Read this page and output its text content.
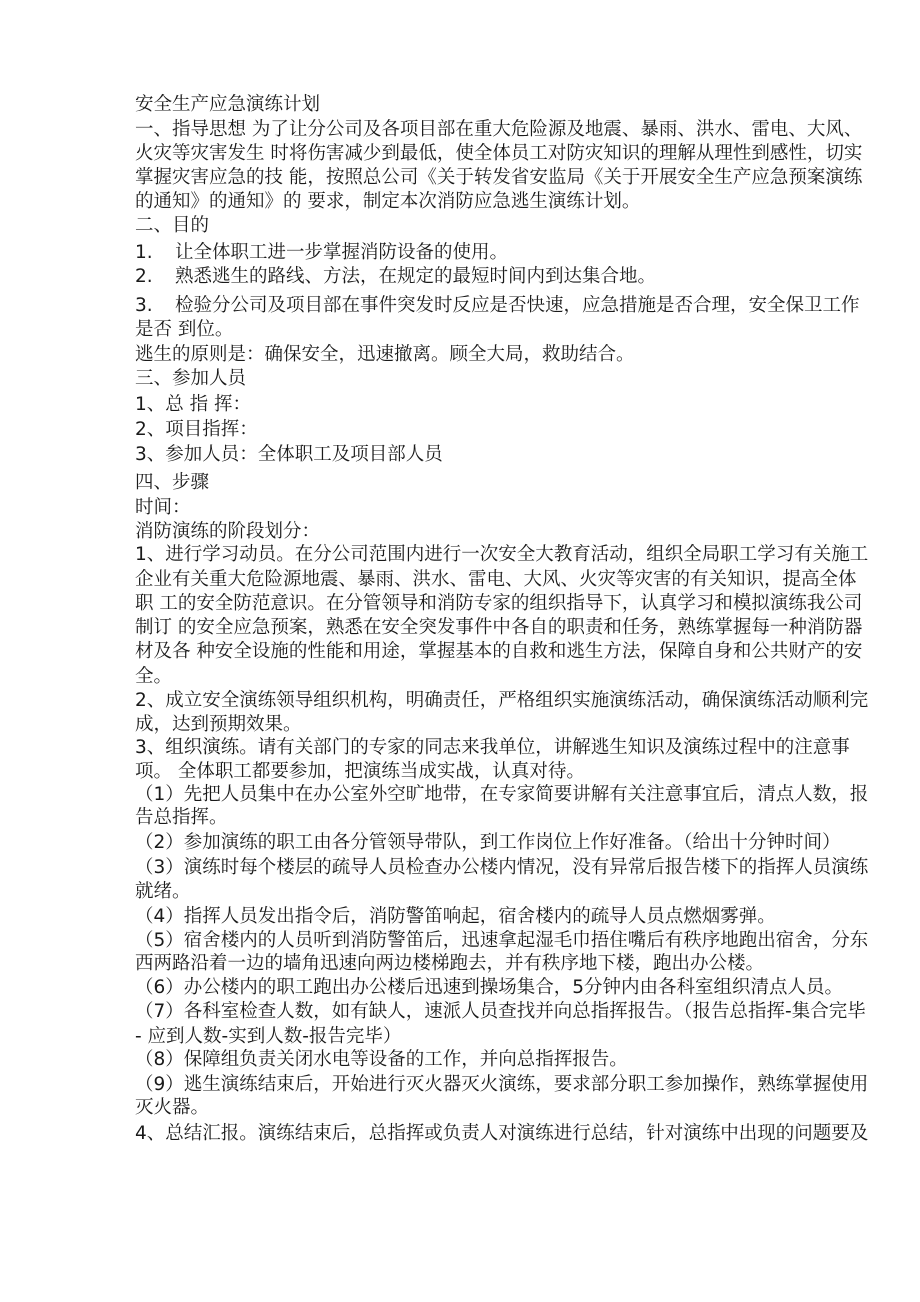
安全生产应急演练计划
一、指导思想 为了让分公司及各项目部在重大危险源及地震、暴雨、洪水、雷电、大风、
火灾等灾害发生 时将伤害减少到最低，使全体员工对防灾知识的理解从理性到感性，切实
掌握灾害应急的技 能，按照总公司《关于转发省安监局《关于开展安全生产应急预案演练
的通知》的通知》的 要求，制定本次消防应急逃生演练计划。
二、目的
1. 让全体职工进一步掌握消防设备的使用。
2. 熟悉逃生的路线、方法，在规定的最短时间内到达集合地。
3. 检验分公司及项目部在事件突发时反应是否快速，应急措施是否合理，安全保卫工作
是否 到位。
逃生的原则是：确保安全，迅速撤离。顾全大局，救助结合。
三、参加人员
1、总 指 挥：
2、项目指挥：
3、参加人员：全体职工及项目部人员
四、步骤
时间：
消防演练的阶段划分：
1、进行学习动员。在分公司范围内进行一次安全大教育活动，组织全局职工学习有关施工
企业有关重大危险源地震、暴雨、洪水、雷电、大风、火灾等灾害的有关知识，提高全体
职 工的安全防范意识。在分管领导和消防专家的组织指导下，认真学习和模拟演练我公司
制订 的安全应急预案，熟悉在安全突发事件中各自的职责和任务，熟练掌握每一种消防器
材及各 种安全设施的性能和用途，掌握基本的自救和逃生方法，保障自身和公共财产的安
全。
2、成立安全演练领导组织机构，明确责任，严格组织实施演练活动，确保演练活动顺利完
成，达到预期效果。
3、组织演练。请有关部门的专家的同志来我单位，讲解逃生知识及演练过程中的注意事
项。 全体职工都要参加，把演练当成实战，认真对待。
（1）先把人员集中在办公室外空旷地带，在专家简要讲解有关注意事宜后，清点人数，报
告总指挥。
（2）参加演练的职工由各分管领导带队，到工作岗位上作好准备。（给出十分钟时间）
（3）演练时每个楼层的疏导人员检查办公楼内情况，没有异常后报告楼下的指挥人员演练
就绪。
（4）指挥人员发出指令后，消防警笛响起，宿舍楼内的疏导人员点燃烟雾弹。
（5）宿舍楼内的人员听到消防警笛后，迅速拿起湿毛巾捂住嘴后有秩序地跑出宿舍，分东
西两路沿着一边的墙角迅速向两边楼梯跑去，并有秩序地下楼，跑出办公楼。
（6）办公楼内的职工跑出办公楼后迅速到操场集合，5分钟内由各科室组织清点人员。
（7）各科室检查人数，如有缺人，速派人员查找并向总指挥报告。（报告总指挥-集合完毕
- 应到人数-实到人数-报告完毕）
（8）保障组负责关闭水电等设备的工作，并向总指挥报告。
（9）逃生演练结束后，开始进行灭火器灭火演练，要求部分职工参加操作，熟练掌握使用
灭火器。
4、总结汇报。演练结束后，总指挥或负责人对演练进行总结，针对演练中出现的问题要及
